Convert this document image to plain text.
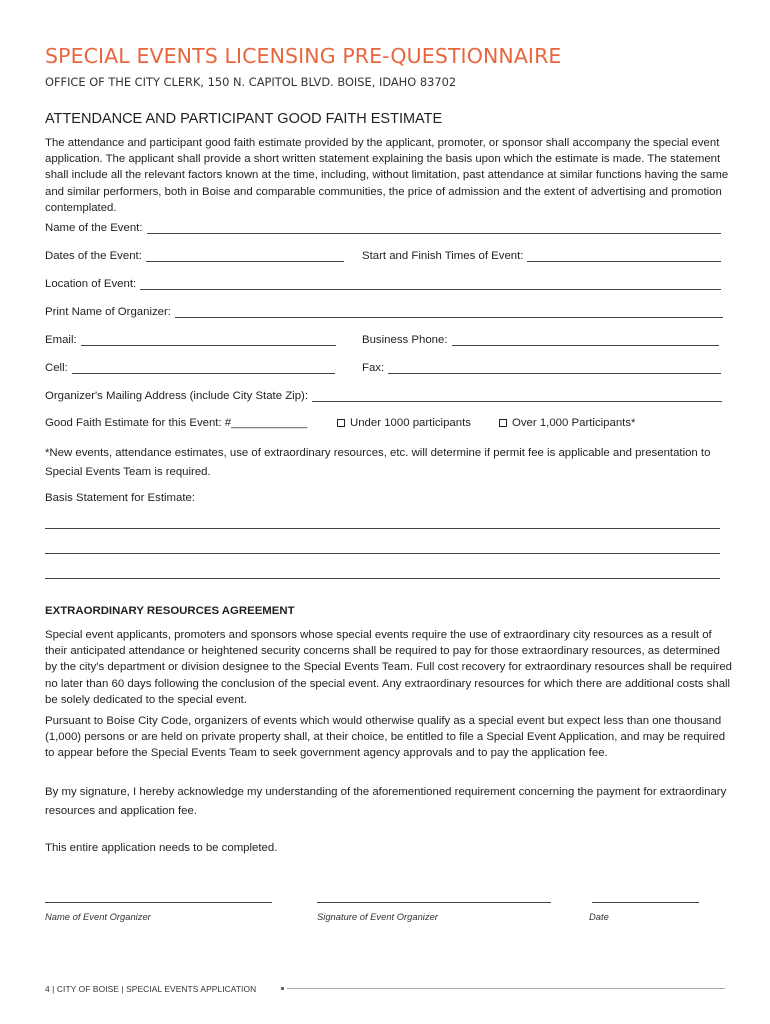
SPECIAL EVENTS LICENSING PRE-QUESTIONNAIRE
OFFICE OF THE CITY CLERK, 150 N. CAPITOL BLVD. BOISE, IDAHO 83702
ATTENDANCE AND PARTICIPANT GOOD FAITH ESTIMATE

The attendance and participant good faith estimate provided by the applicant, promoter, or sponsor shall accompany the special event application. The applicant shall provide a short written statement explaining the basis upon which the estimate is made. The statement shall include all the relevant factors known at the time, including, without limitation, past attendance at similar functions having the same and similar performers, both in Boise and comparable communities, the price of admission and the extent of advertising and promotion contemplated.

Name of the Event:
Dates of the Event:	Start and Finish Times of Event:
Location of Event:
Print Name of Organizer:
Email:	Business Phone:
Cell:	Fax:
Organizer's Mailing Address (include City State Zip):
Good Faith Estimate for this Event: #____________	Under 1000 participants	Over 1,000 Participants*

*New events, attendance estimates, use of extraordinary resources, etc. will determine if permit fee is applicable and presentation to Special Events Team is required.

Basis Statement for Estimate:
EXTRAORDINARY RESOURCES AGREEMENT

Special event applicants, promoters and sponsors whose special events require the use of extraordinary city resources as a result of their anticipated attendance or heightened security concerns shall be required to pay for those extraordinary resources, as determined by the city's department or division designee to the Special Events Team. Full cost recovery for extraordinary resources shall be required no later than 60 days following the conclusion of the special event. Any extraordinary resources for which there are additional costs shall be solely dedicated to the special event.

Pursuant to Boise City Code, organizers of events which would otherwise qualify as a special event but expect less than one thousand (1,000) persons or are held on private property shall, at their choice, be entitled to file a Special Event Application, and may be required to appear before the Special Events Team to seek government agency approvals and to pay the application fee.

By my signature, I hereby acknowledge my understanding of the aforementioned requirement concerning the payment for extraordinary resources and application fee.

This entire application needs to be completed.

Name of Event Organizer	Signature of Event Organizer	Date
4 | CITY OF BOISE | SPECIAL EVENTS APPLICATION
